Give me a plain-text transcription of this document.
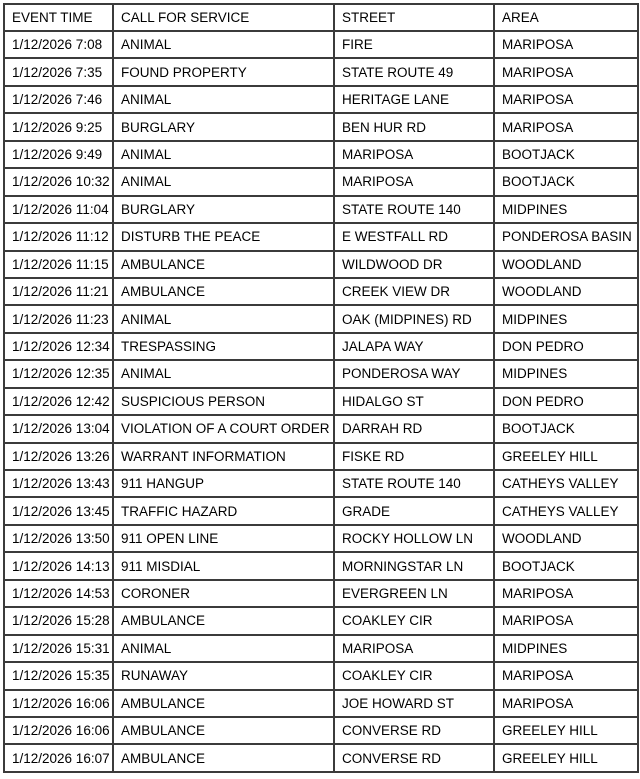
EVENT TIME	CALL FOR SERVICE	STREET	AREA
1/12/2026 7:08	ANIMAL	FIRE	MARIPOSA
1/12/2026 7:35	FOUND PROPERTY	STATE ROUTE 49	MARIPOSA
1/12/2026 7:46	ANIMAL	HERITAGE LANE	MARIPOSA
1/12/2026 9:25	BURGLARY	BEN HUR RD	MARIPOSA
1/12/2026 9:49	ANIMAL	MARIPOSA	BOOTJACK
1/12/2026 10:32	ANIMAL	MARIPOSA	BOOTJACK
1/12/2026 11:04	BURGLARY	STATE ROUTE 140	MIDPINES
1/12/2026 11:12	DISTURB THE PEACE	E WESTFALL RD	PONDEROSA BASIN
1/12/2026 11:15	AMBULANCE	WILDWOOD DR	WOODLAND
1/12/2026 11:21	AMBULANCE	CREEK VIEW DR	WOODLAND
1/12/2026 11:23	ANIMAL	OAK (MIDPINES) RD	MIDPINES
1/12/2026 12:34	TRESPASSING	JALAPA WAY	DON PEDRO
1/12/2026 12:35	ANIMAL	PONDEROSA WAY	MIDPINES
1/12/2026 12:42	SUSPICIOUS PERSON	HIDALGO ST	DON PEDRO
1/12/2026 13:04	VIOLATION OF A COURT ORDER	DARRAH RD	BOOTJACK
1/12/2026 13:26	WARRANT INFORMATION	FISKE RD	GREELEY HILL
1/12/2026 13:43	911 HANGUP	STATE ROUTE 140	CATHEYS VALLEY
1/12/2026 13:45	TRAFFIC HAZARD	GRADE	CATHEYS VALLEY
1/12/2026 13:50	911 OPEN LINE	ROCKY HOLLOW LN	WOODLAND
1/12/2026 14:13	911 MISDIAL	MORNINGSTAR LN	BOOTJACK
1/12/2026 14:53	CORONER	EVERGREEN LN	MARIPOSA
1/12/2026 15:28	AMBULANCE	COAKLEY CIR	MARIPOSA
1/12/2026 15:31	ANIMAL	MARIPOSA	MIDPINES
1/12/2026 15:35	RUNAWAY	COAKLEY CIR	MARIPOSA
1/12/2026 16:06	AMBULANCE	JOE HOWARD ST	MARIPOSA
1/12/2026 16:06	AMBULANCE	CONVERSE RD	GREELEY HILL
1/12/2026 16:07	AMBULANCE	CONVERSE RD	GREELEY HILL
